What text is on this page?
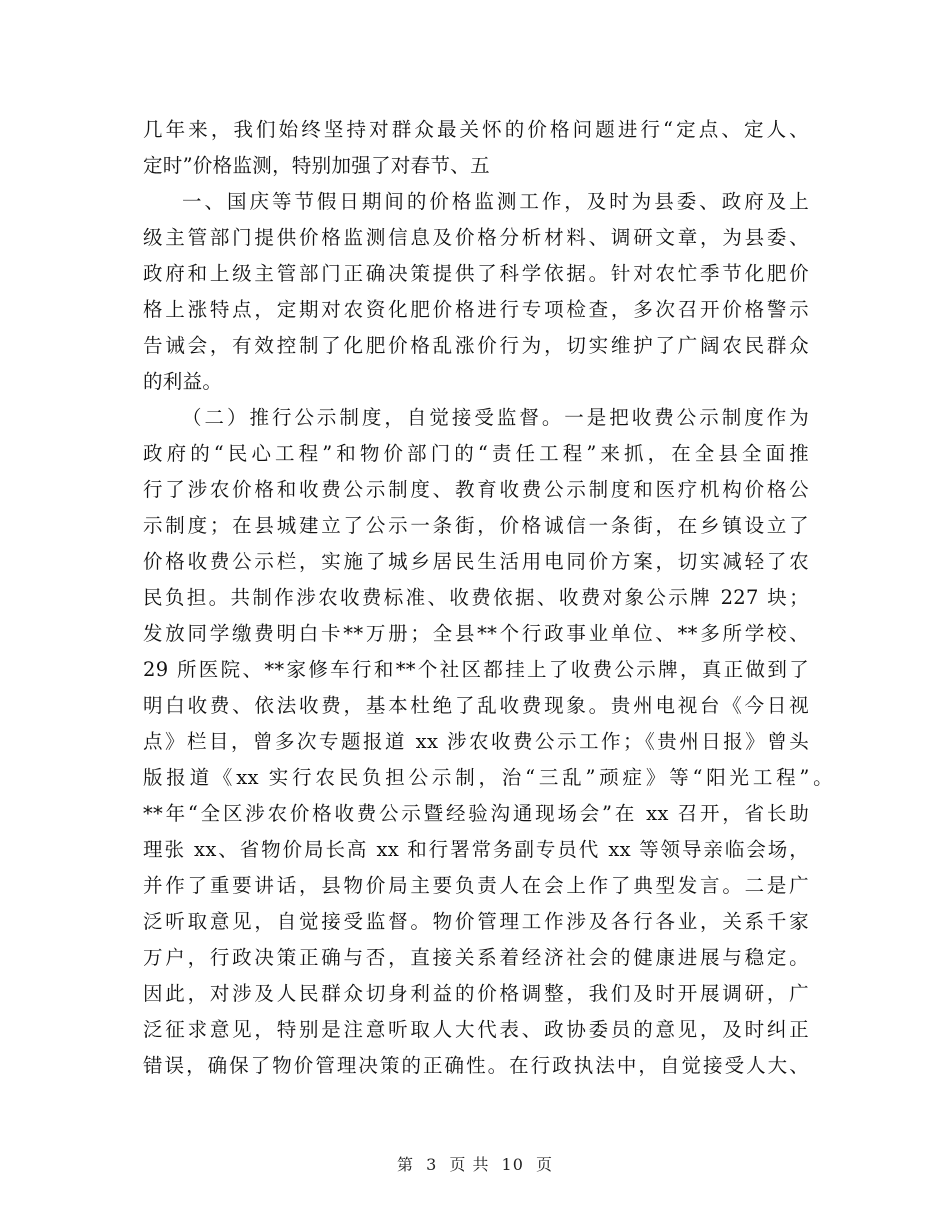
几年来，我们始终坚持对群众最关怀的价格问题进行“定点、定人、
定时”价格监测，特别加强了对春节、五
一、国庆等节假日期间的价格监测工作，及时为县委、政府及上
级主管部门提供价格监测信息及价格分析材料、调研文章，为县委、
政府和上级主管部门正确决策提供了科学依据。针对农忙季节化肥价
格上涨特点，定期对农资化肥价格进行专项检查，多次召开价格警示
告诫会，有效控制了化肥价格乱涨价行为，切实维护了广阔农民群众
的利益。
（二）推行公示制度，自觉接受监督。一是把收费公示制度作为
政府的“民心工程”和物价部门的“责任工程”来抓，在全县全面推
行了涉农价格和收费公示制度、教育收费公示制度和医疗机构价格公
示制度；在县城建立了公示一条街，价格诚信一条街，在乡镇设立了
价格收费公示栏，实施了城乡居民生活用电同价方案，切实减轻了农
民负担。共制作涉农收费标准、收费依据、收费对象公示牌 227 块；
发放同学缴费明白卡**万册；全县**个行政事业单位、**多所学校、
29 所医院、**家修车行和**个社区都挂上了收费公示牌，真正做到了
明白收费、依法收费，基本杜绝了乱收费现象。贵州电视台《今日视
点》栏目，曾多次专题报道 xx 涉农收费公示工作；《贵州日报》曾头
版报道《xx 实行农民负担公示制，治“三乱”顽症》等“阳光工程”。
**年“全区涉农价格收费公示暨经验沟通现场会”在 xx 召开，省长助
理张 xx、省物价局长高 xx 和行署常务副专员代 xx 等领导亲临会场，
并作了重要讲话，县物价局主要负责人在会上作了典型发言。二是广
泛听取意见，自觉接受监督。物价管理工作涉及各行各业，关系千家
万户，行政决策正确与否，直接关系着经济社会的健康进展与稳定。
因此，对涉及人民群众切身利益的价格调整，我们及时开展调研，广
泛征求意见，特别是注意听取人大代表、政协委员的意见，及时纠正
错误，确保了物价管理决策的正确性。在行政执法中，自觉接受人大、
第 3 页 共 10 页
